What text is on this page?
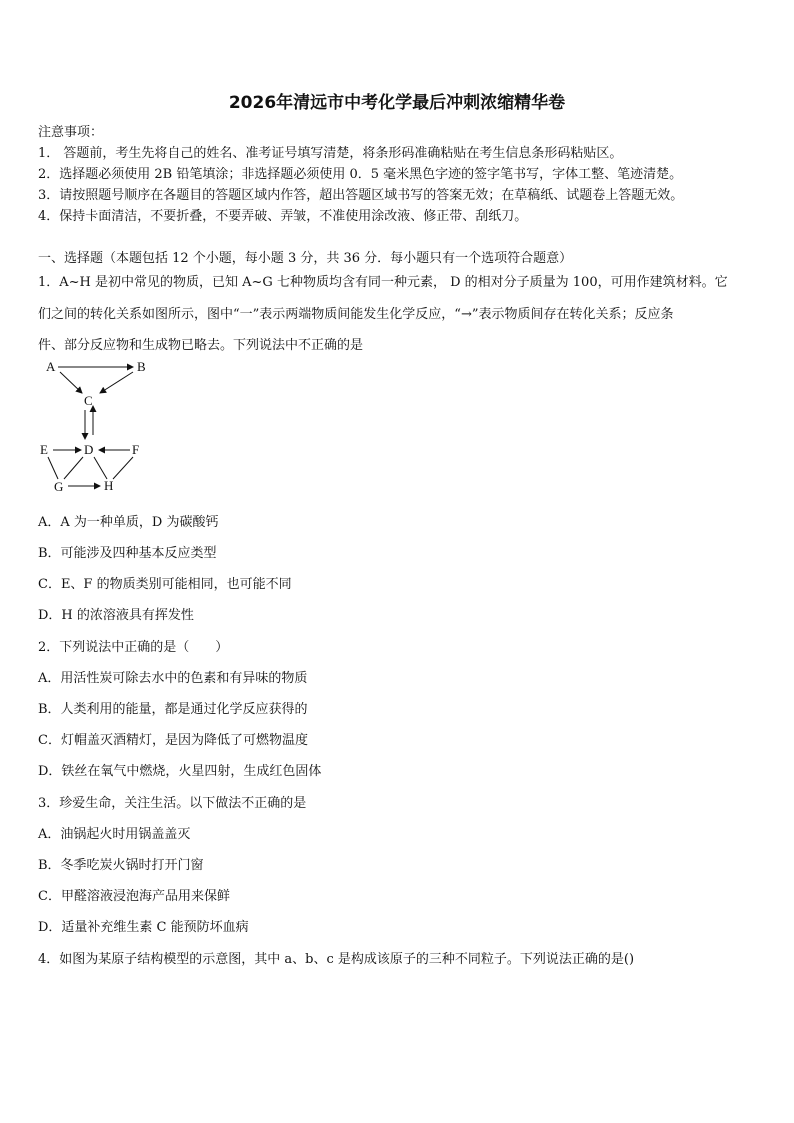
2026年清远市中考化学最后冲刺浓缩精华卷
注意事项：
1． 答题前，考生先将自己的姓名、准考证号填写清楚，将条形码准确粘贴在考生信息条形码粘贴区。
2．选择题必须使用 2B 铅笔填涂；非选择题必须使用 0．5 毫米黑色字迹的签字笔书写，字体工整、笔迹清楚。
3．请按照题号顺序在各题目的答题区域内作答，超出答题区域书写的答案无效；在草稿纸、试题卷上答题无效。
4．保持卡面清洁，不要折叠，不要弄破、弄皱，不准使用涂改液、修正带、刮纸刀。
一、选择题（本题包括 12 个小题，每小题 3 分，共 36 分．每小题只有一个选项符合题意）
1．A~H 是初中常见的物质，已知 A~G 七种物质均含有同一种元素， D 的相对分子质量为 100，可用作建筑材料。它
们之间的转化关系如图所示，图中“一”表示两端物质间能发生化学反应，“→”表示物质间存在转化关系；反应条
件、部分反应物和生成物已略去。下列说法中不正确的是
A	B
C
D
E	F
G	H
A．A 为一种单质，D 为碳酸钙
B．可能涉及四种基本反应类型
C．E、F 的物质类别可能相同，也可能不同
D．H 的浓溶液具有挥发性
2．下列说法中正确的是（　　）
A．用活性炭可除去水中的色素和有异味的物质
B．人类利用的能量，都是通过化学反应获得的
C．灯帽盖灭酒精灯，是因为降低了可燃物温度
D．铁丝在氧气中燃烧，火星四射，生成红色固体
3．珍爱生命，关注生活。以下做法不正确的是
A．油锅起火时用锅盖盖灭
B．冬季吃炭火锅时打开门窗
C．甲醛溶液浸泡海产品用来保鲜
D．适量补充维生素 C 能预防坏血病
4．如图为某原子结构模型的示意图，其中 a、b、c 是构成该原子的三种不同粒子。下列说法正确的是()
